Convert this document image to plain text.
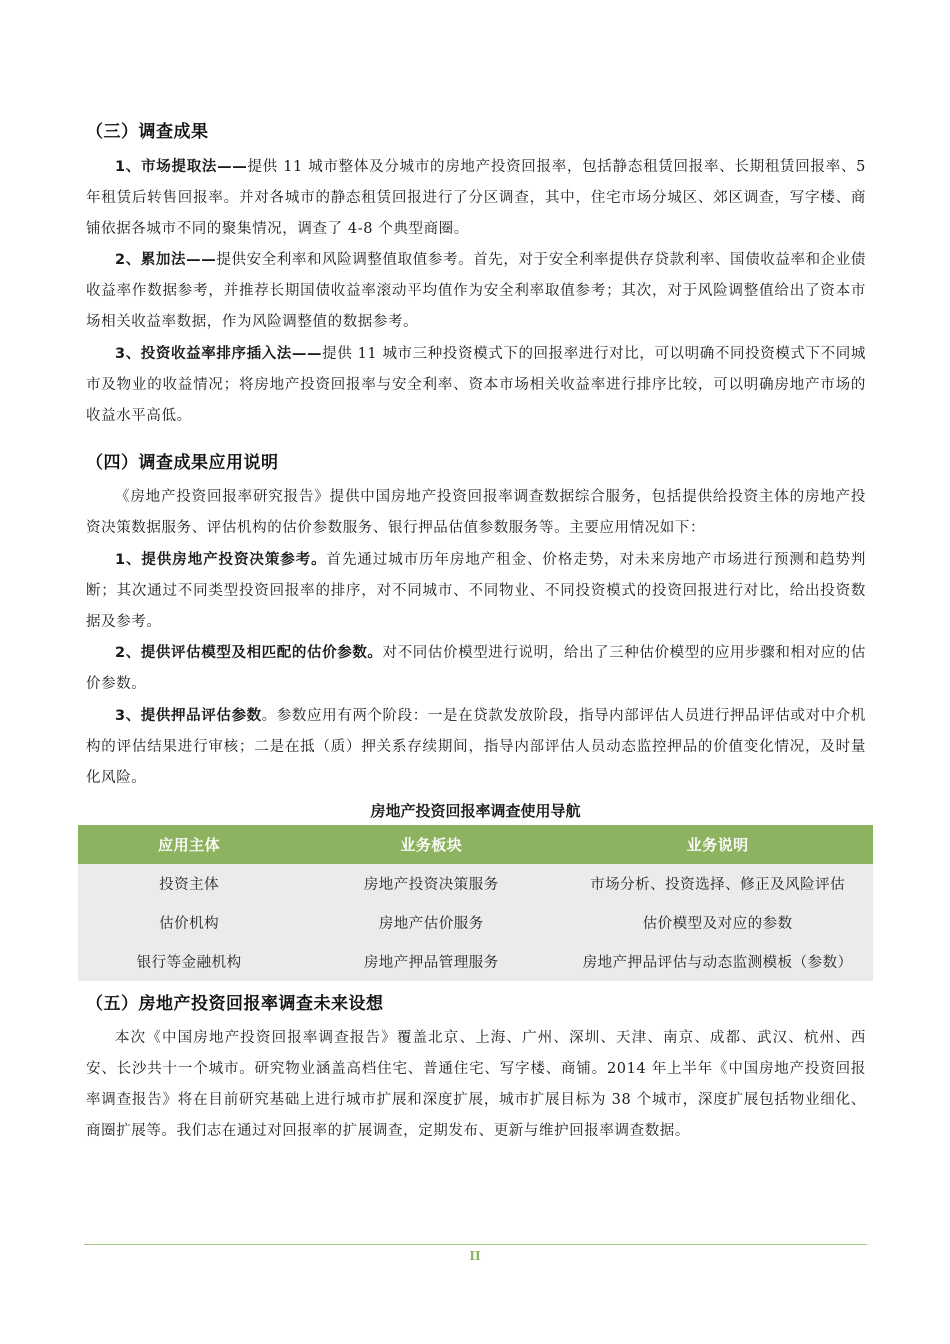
（三）调查成果

1、市场提取法——提供 11 城市整体及分城市的房地产投资回报率，包括静态租赁回报率、长期租赁回报率、5 年租赁后转售回报率。并对各城市的静态租赁回报进行了分区调查，其中，住宅市场分城区、郊区调查，写字楼、商铺依据各城市不同的聚集情况，调查了 4-8 个典型商圈。

2、累加法——提供安全利率和风险调整值取值参考。首先，对于安全利率提供存贷款利率、国债收益率和企业债收益率作数据参考，并推荐长期国债收益率滚动平均值作为安全利率取值参考；其次，对于风险调整值给出了资本市场相关收益率数据，作为风险调整值的数据参考。

3、投资收益率排序插入法——提供 11 城市三种投资模式下的回报率进行对比，可以明确不同投资模式下不同城市及物业的收益情况；将房地产投资回报率与安全利率、资本市场相关收益率进行排序比较，可以明确房地产市场的收益水平高低。

（四）调查成果应用说明

《房地产投资回报率研究报告》提供中国房地产投资回报率调查数据综合服务，包括提供给投资主体的房地产投资决策数据服务、评估机构的估价参数服务、银行押品估值参数服务等。主要应用情况如下：

1、提供房地产投资决策参考。首先通过城市历年房地产租金、价格走势，对未来房地产市场进行预测和趋势判断；其次通过不同类型投资回报率的排序，对不同城市、不同物业、不同投资模式的投资回报进行对比，给出投资数据及参考。

2、提供评估模型及相匹配的估价参数。对不同估价模型进行说明，给出了三种估价模型的应用步骤和相对应的估价参数。

3、提供押品评估参数。参数应用有两个阶段：一是在贷款发放阶段，指导内部评估人员进行押品评估或对中介机构的评估结果进行审核；二是在抵（质）押关系存续期间，指导内部评估人员动态监控押品的价值变化情况，及时量化风险。

房地产投资回报率调查使用导航
应用主体	业务板块	业务说明
投资主体	房地产投资决策服务	市场分析、投资选择、修正及风险评估
估价机构	房地产估价服务	估价模型及对应的参数
银行等金融机构	房地产押品管理服务	房地产押品评估与动态监测模板（参数）
（五）房地产投资回报率调查未来设想

本次《中国房地产投资回报率调查报告》覆盖北京、上海、广州、深圳、天津、南京、成都、武汉、杭州、西安、长沙共十一个城市。研究物业涵盖高档住宅、普通住宅、写字楼、商铺。2014 年上半年《中国房地产投资回报率调查报告》将在目前研究基础上进行城市扩展和深度扩展，城市扩展目标为 38 个城市，深度扩展包括物业细化、商圈扩展等。我们志在通过对回报率的扩展调查，定期发布、更新与维护回报率调查数据。

II
